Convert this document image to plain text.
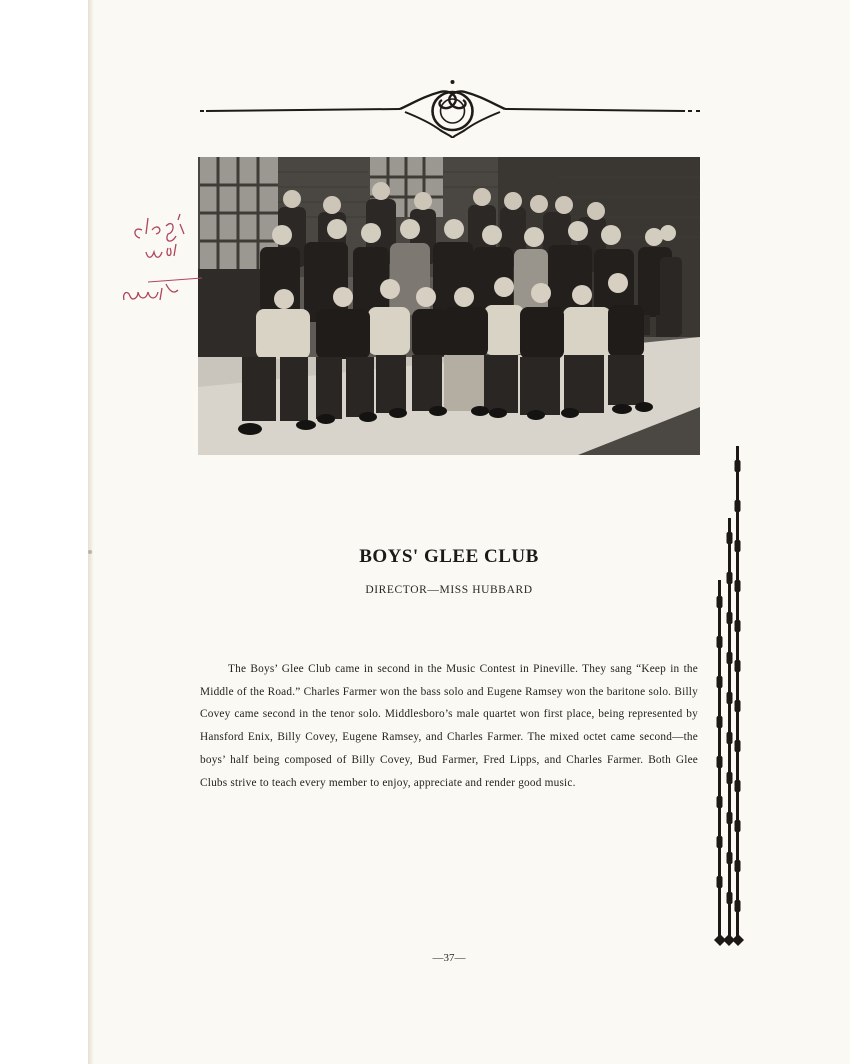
BOYS' GLEE CLUB
DIRECTOR—MISS HUBBARD
The Boys’ Glee Club came in second in the Music Contest in Pineville. They sang “Keep in the Middle of the Road.” Charles Farmer won the bass solo and Eugene Ramsey won the baritone solo. Billy Covey came second in the tenor solo. Middlesboro’s male quartet won first place, being represented by Hansford Enix, Billy Covey, Eugene Ramsey, and Charles Farmer. The mixed octet came second—the boys’ half being composed of Billy Covey, Bud Farmer, Fred Lipps, and Charles Farmer. Both Glee Clubs strive to teach every member to enjoy, appreciate and render good music.
—37—
